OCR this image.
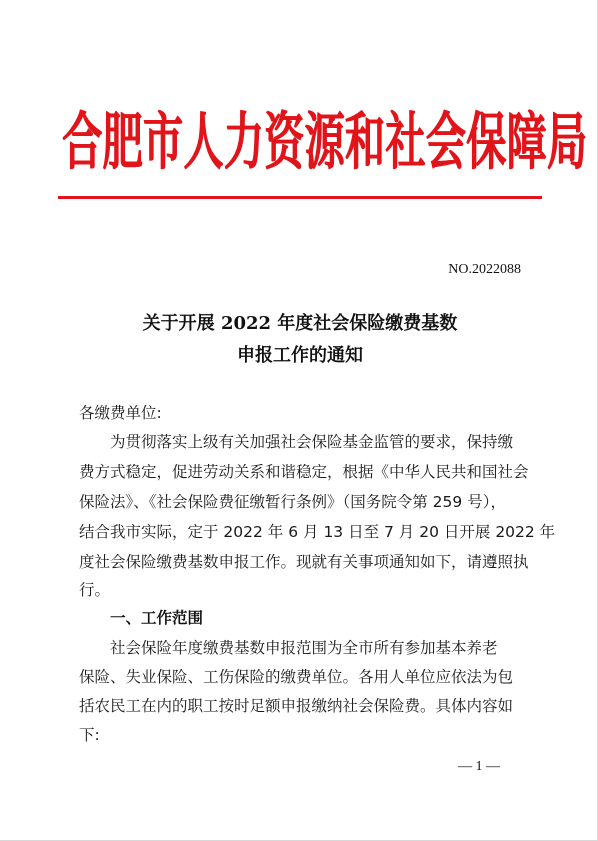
合肥市人力资源和社会保障局
NO.2022088
关于开展 2022 年度社会保险缴费基数
申报工作的通知
各缴费单位:
为贯彻落实上级有关加强社会保险基金监管的要求，保持缴
费方式稳定，促进劳动关系和谐稳定，根据《中华人民共和国社会
保险法》、《社会保险费征缴暂行条例》（国务院令第 259 号），
结合我市实际，定于 2022 年 6 月 13 日至 7 月 20 日开展 2022 年
度社会保险缴费基数申报工作。现就有关事项通知如下，请遵照执
行。
一、工作范围
社会保险年度缴费基数申报范围为全市所有参加基本养老
保险、失业保险、工伤保险的缴费单位。各用人单位应依法为包
括农民工在内的职工按时足额申报缴纳社会保险费。具体内容如
下:
— 1 —
